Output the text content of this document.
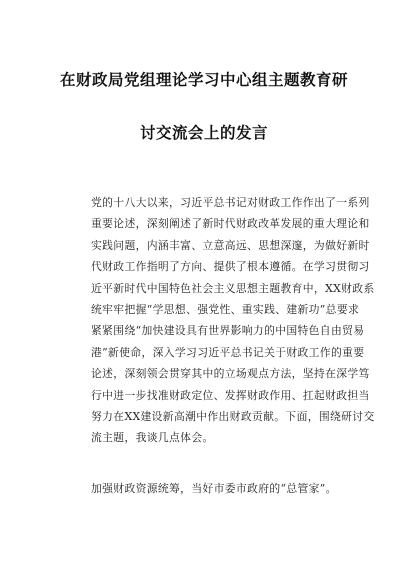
在财政局党组理论学习中心组主题教育研
讨交流会上的发言

党的十八大以来，习近平总书记对财政工作作出了一系列
重要论述，深刻阐述了新时代财政改革发展的重大理论和
实践问题，内涵丰富、立意高远、思想深邃，为做好新时
代财政工作指明了方向、提供了根本遵循。在学习贯彻习
近平新时代中国特色社会主义思想主题教育中，XX财政系
统牢牢把握“学思想、强党性、重实践、建新功”总要求
紧紧围绕“加快建设具有世界影响力的中国特色自由贸易
港”新使命，深入学习习近平总书记关于财政工作的重要
论述，深刻领会贯穿其中的立场观点方法，坚持在深学笃
行中进一步找准财政定位、发挥财政作用、扛起财政担当
努力在XX建设新高潮中作出财政贡献。下面，围绕研讨交
流主题，我谈几点体会。

加强财政资源统筹，当好市委市政府的“总管家”。
